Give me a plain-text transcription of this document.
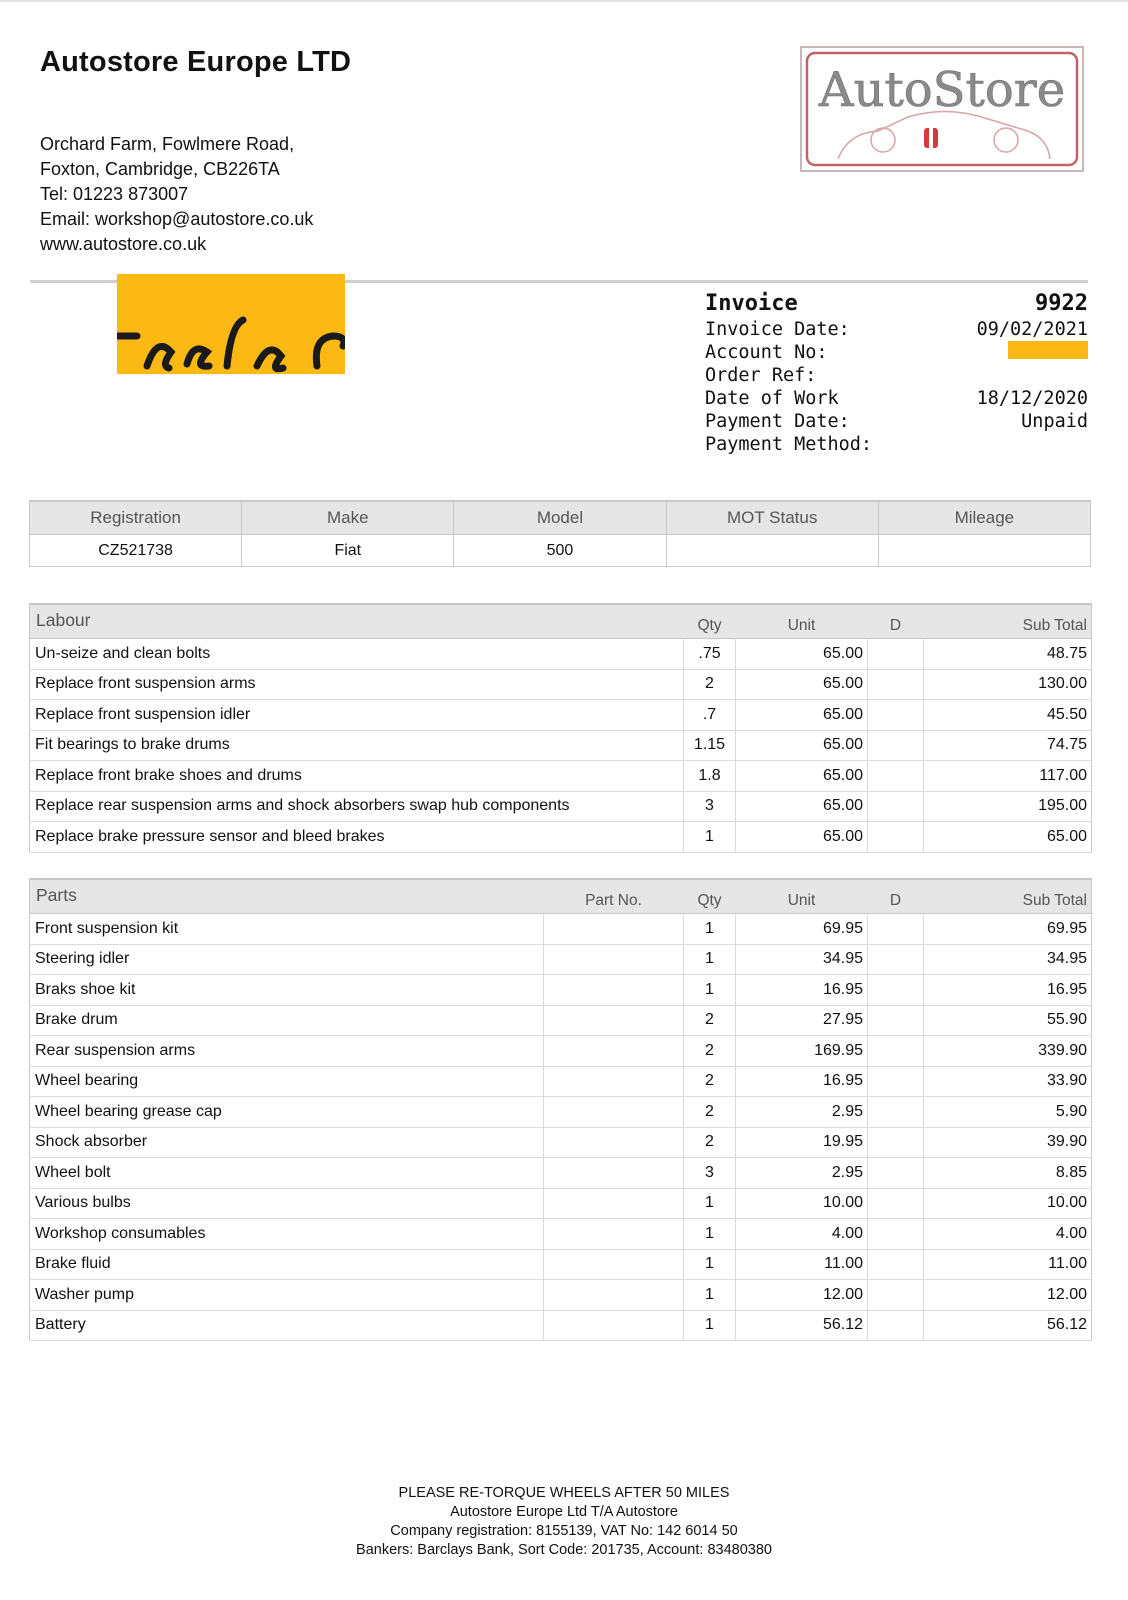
Autostore Europe LTD
Orchard Farm, Fowlmere Road,
Foxton, Cambridge, CB226TA
Tel: 01223 873007
Email: workshop@autostore.co.uk
www.autostore.co.uk
AutoStore
Invoice	9922
Invoice Date:	09/02/2021
Account No:
Order Ref:
Date of Work	18/12/2020
Payment Date:	Unpaid
Payment Method:
Registration	Make	Model	MOT Status	Mileage
CZ521738	Fiat	500		
Labour	Qty	Unit	D	Sub Total
Un-seize and clean bolts	.75	65.00		48.75
Replace front suspension arms	2	65.00		130.00
Replace front suspension idler	.7	65.00		45.50
Fit bearings to brake drums	1.15	65.00		74.75
Replace front brake shoes and drums	1.8	65.00		117.00
Replace rear suspension arms and shock absorbers swap hub components	3	65.00		195.00
Replace brake pressure sensor and bleed brakes	1	65.00		65.00
Parts	Part No.	Qty	Unit	D	Sub Total
Front suspension kit		1	69.95		69.95
Steering idler		1	34.95		34.95
Braks shoe kit		1	16.95		16.95
Brake drum		2	27.95		55.90
Rear suspension arms		2	169.95		339.90
Wheel bearing		2	16.95		33.90
Wheel bearing grease cap		2	2.95		5.90
Shock absorber		2	19.95		39.90
Wheel bolt		3	2.95		8.85
Various bulbs		1	10.00		10.00
Workshop consumables		1	4.00		4.00
Brake fluid		1	11.00		11.00
Washer pump		1	12.00		12.00
Battery		1	56.12		56.12
PLEASE RE-TORQUE WHEELS AFTER 50 MILES
Autostore Europe Ltd T/A Autostore
Company registration: 8155139, VAT No: 142 6014 50
Bankers: Barclays Bank, Sort Code: 201735, Account: 83480380
